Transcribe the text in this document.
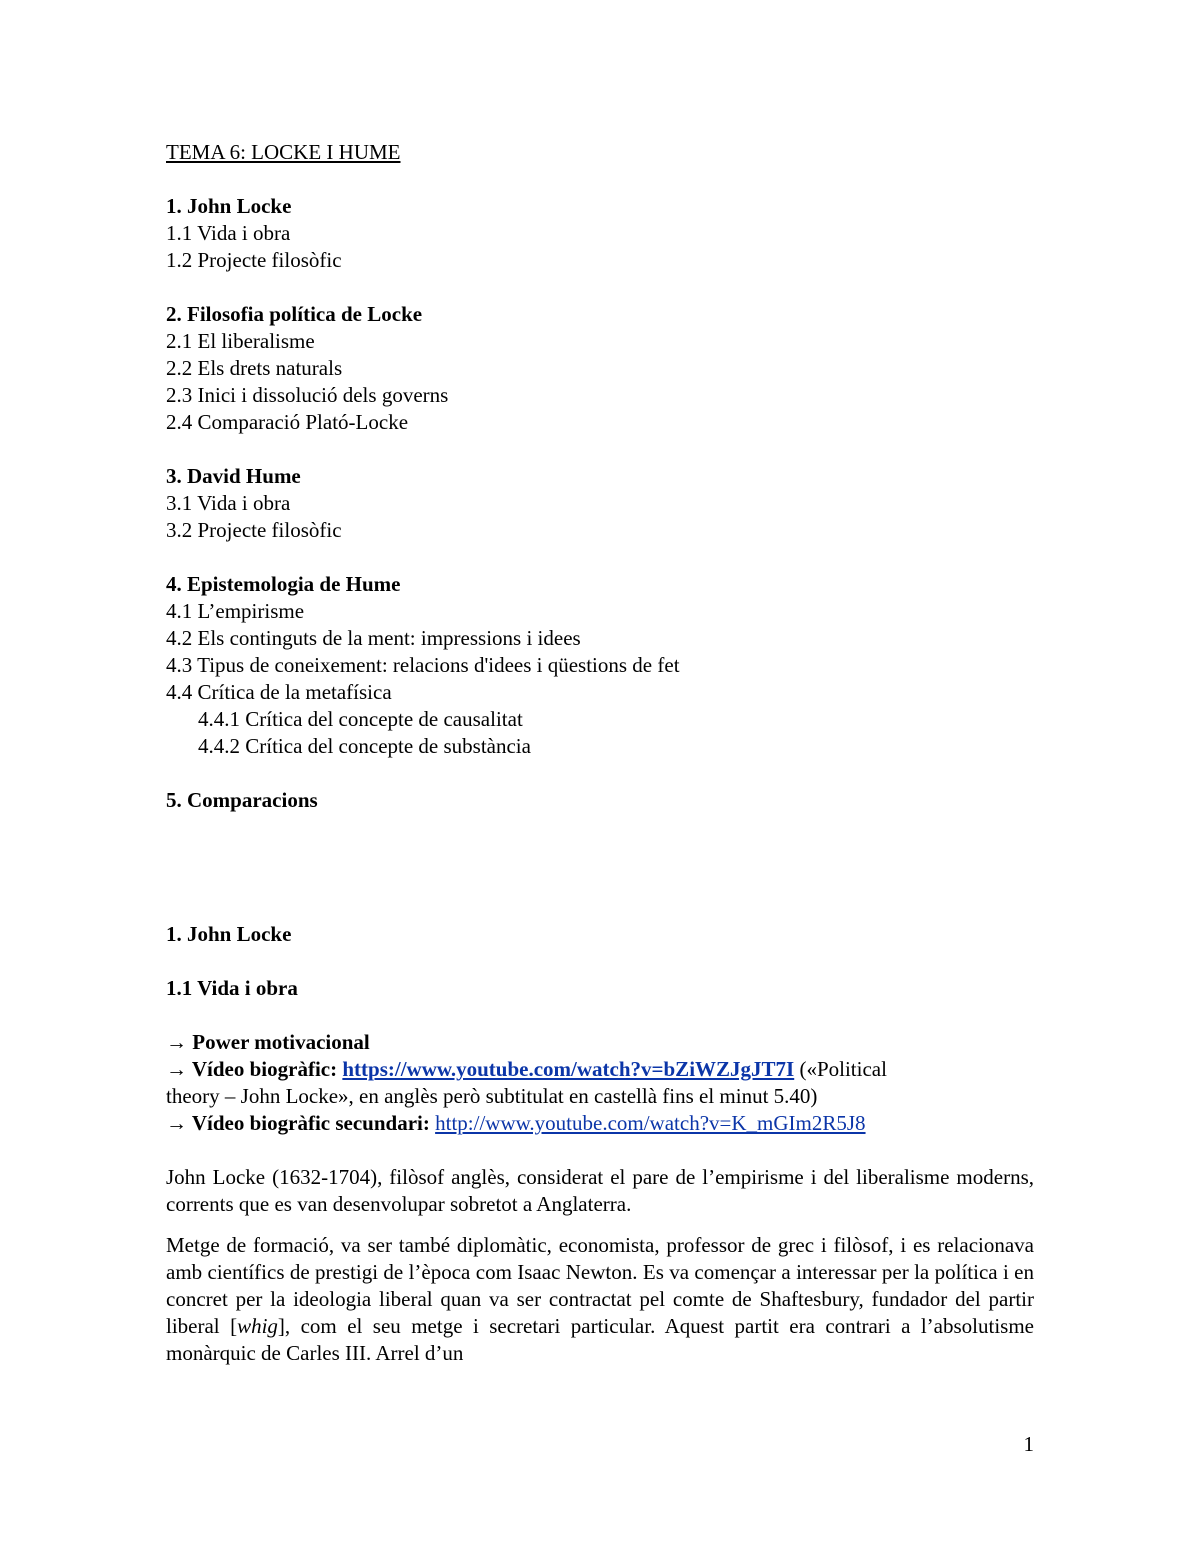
TEMA 6: LOCKE I HUME
1. John Locke
1.1 Vida i obra
1.2 Projecte filosòfic
2. Filosofia política de Locke
2.1 El liberalisme
2.2 Els drets naturals
2.3 Inici i dissolució dels governs
2.4 Comparació Plató-Locke
3. David Hume
3.1 Vida i obra
3.2 Projecte filosòfic
4. Epistemologia de Hume
4.1 L’empirisme
4.2 Els continguts de la ment: impressions i idees
4.3 Tipus de coneixement: relacions d'idees i qüestions de fet
4.4 Crítica de la metafísica
4.4.1 Crítica del concepte de causalitat
4.4.2 Crítica del concepte de substància
5. Comparacions
1. John Locke
1.1 Vida i obra
→ Power motivacional
→ Vídeo biogràfic: https://www.youtube.com/watch?v=bZiWZJgJT7I («Political
theory – John Locke», en anglès però subtitulat en castellà fins el minut 5.40)
→ Vídeo biogràfic secundari: http://www.youtube.com/watch?v=K_mGIm2R5J8
John Locke (1632-1704), filòsof anglès, considerat el pare de l’empirisme i del liberalisme moderns, corrents que es van desenvolupar sobretot a Anglaterra.
Metge de formació, va ser també diplomàtic, economista, professor de grec i filòsof, i es relacionava amb científics de prestigi de l’època com Isaac Newton. Es va començar a interessar per la política i en concret per la ideologia liberal quan va ser contractat pel comte de Shaftesbury, fundador del partir liberal [whig], com el seu metge i secretari particular. Aquest partit era contrari a l’absolutisme monàrquic de Carles III. Arrel d’un
1
